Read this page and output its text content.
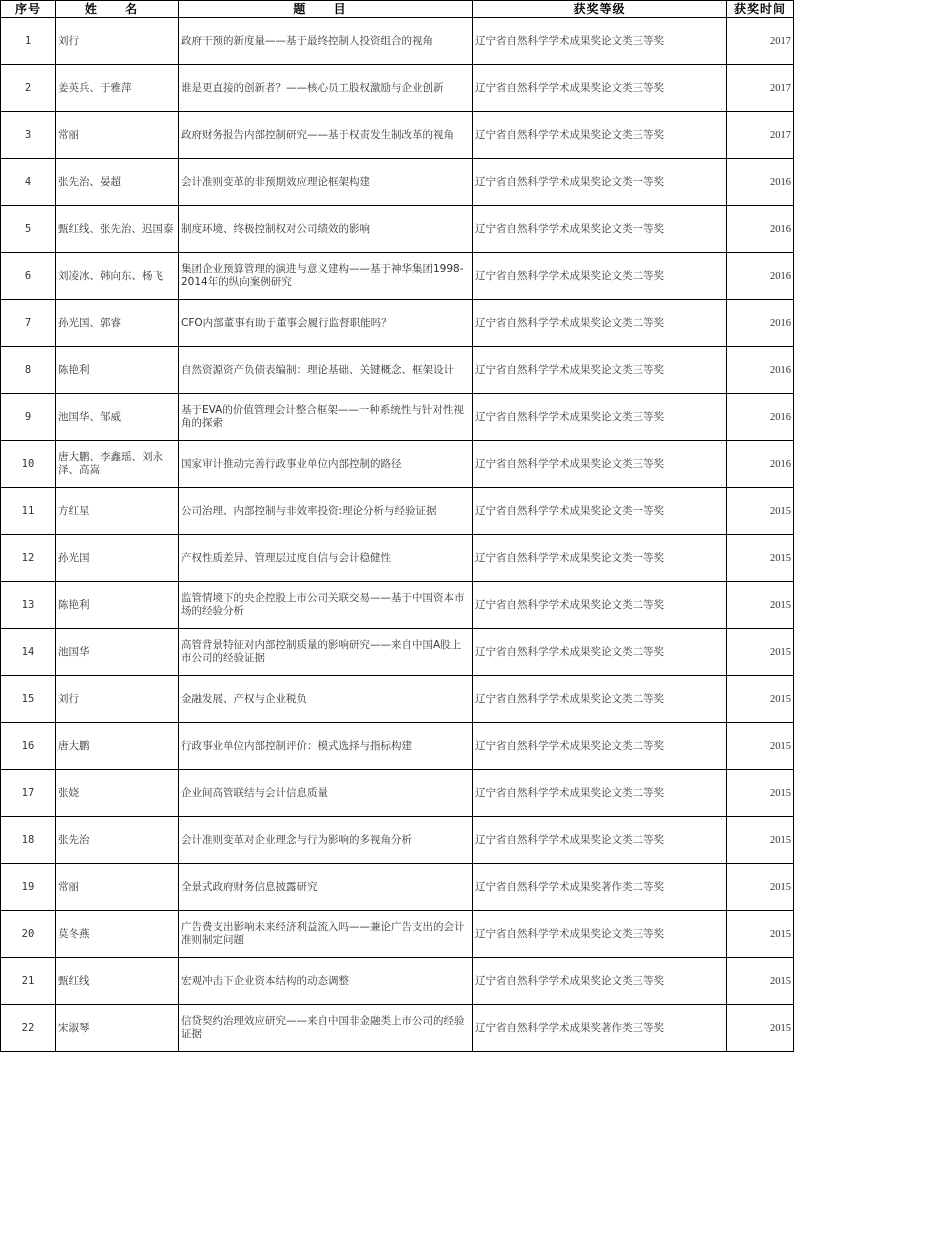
序号	姓 名	题 目	获奖等级	获奖时间
1	刘行	政府干预的新度量——基于最终控制人投资组合的视角	辽宁省自然科学学术成果奖论文类三等奖	2017
2	姜英兵、于雅萍	谁是更直接的创新者？——核心员工股权激励与企业创新	辽宁省自然科学学术成果奖论文类三等奖	2017
3	常丽	政府财务报告内部控制研究——基于权责发生制改革的视角	辽宁省自然科学学术成果奖论文类三等奖	2017
4	张先治、晏超	会计准则变革的非预期效应理论框架构建	辽宁省自然科学学术成果奖论文类一等奖	2016
5	甄红线、张先治、迟国泰	制度环境、终极控制权对公司绩效的影响	辽宁省自然科学学术成果奖论文类一等奖	2016
6	刘凌冰、韩向东、杨飞	集团企业预算管理的演进与意义建构——基于神华集团1998-2014年的纵向案例研究	辽宁省自然科学学术成果奖论文类二等奖	2016
7	孙光国、郭睿	CFO内部董事有助于董事会履行监督职能吗？	辽宁省自然科学学术成果奖论文类二等奖	2016
8	陈艳利	自然资源资产负债表编制：理论基础、关键概念、框架设计	辽宁省自然科学学术成果奖论文类三等奖	2016
9	池国华、邹威	基于EVA的价值管理会计整合框架——一种系统性与针对性视角的探索	辽宁省自然科学学术成果奖论文类三等奖	2016
10	唐大鹏、李鑫瑶、刘永泽、高嵩	国家审计推动完善行政事业单位内部控制的路径	辽宁省自然科学学术成果奖论文类三等奖	2016
11	方红星	公司治理、内部控制与非效率投资:理论分析与经验证据	辽宁省自然科学学术成果奖论文类一等奖	2015
12	孙光国	产权性质差异、管理层过度自信与会计稳健性	辽宁省自然科学学术成果奖论文类一等奖	2015
13	陈艳利	监管情境下的央企控股上市公司关联交易——基于中国资本市场的经验分析	辽宁省自然科学学术成果奖论文类二等奖	2015
14	池国华	高管背景特征对内部控制质量的影响研究——来自中国A股上市公司的经验证据	辽宁省自然科学学术成果奖论文类二等奖	2015
15	刘行	金融发展、产权与企业税负	辽宁省自然科学学术成果奖论文类二等奖	2015
16	唐大鹏	行政事业单位内部控制评价：模式选择与指标构建	辽宁省自然科学学术成果奖论文类二等奖	2015
17	张娆	企业间高管联结与会计信息质量	辽宁省自然科学学术成果奖论文类二等奖	2015
18	张先治	会计准则变革对企业理念与行为影响的多视角分析	辽宁省自然科学学术成果奖论文类二等奖	2015
19	常丽	全景式政府财务信息披露研究	辽宁省自然科学学术成果奖著作类二等奖	2015
20	莫冬燕	广告费支出影响未来经济利益流入吗——兼论广告支出的会计准则制定问题	辽宁省自然科学学术成果奖论文类三等奖	2015
21	甄红线	宏观冲击下企业资本结构的动态调整	辽宁省自然科学学术成果奖论文类三等奖	2015
22	宋淑琴	信贷契约治理效应研究——来自中国非金融类上市公司的经验证据	辽宁省自然科学学术成果奖著作类三等奖	2015
